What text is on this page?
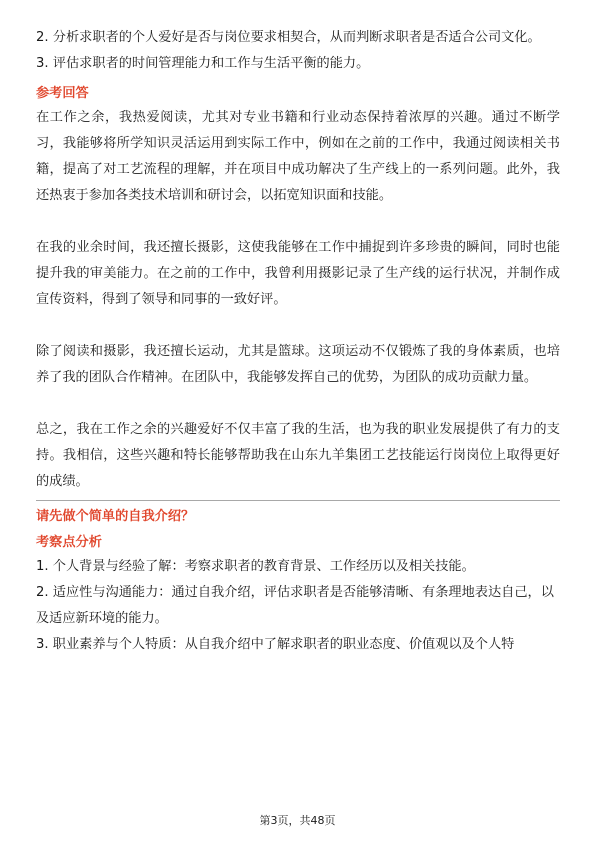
2. 分析求职者的个人爱好是否与岗位要求相契合，从而判断求职者是否适合公司文化。

3. 评估求职者的时间管理能力和工作与生活平衡的能力。

参考回答

在工作之余，我热爱阅读，尤其对专业书籍和行业动态保持着浓厚的兴趣。通过不断学习，我能够将所学知识灵活运用到实际工作中，例如在之前的工作中，我通过阅读相关书籍，提高了对工艺流程的理解，并在项目中成功解决了生产线上的一系列问题。此外，我还热衷于参加各类技术培训和研讨会，以拓宽知识面和技能。

在我的业余时间，我还擅长摄影，这使我能够在工作中捕捉到许多珍贵的瞬间，同时也能提升我的审美能力。在之前的工作中，我曾利用摄影记录了生产线的运行状况，并制作成宣传资料，得到了领导和同事的一致好评。

除了阅读和摄影，我还擅长运动，尤其是篮球。这项运动不仅锻炼了我的身体素质，也培养了我的团队合作精神。在团队中，我能够发挥自己的优势，为团队的成功贡献力量。

总之，我在工作之余的兴趣爱好不仅丰富了我的生活，也为我的职业发展提供了有力的支持。我相信，这些兴趣和特长能够帮助我在山东九羊集团工艺技能运行岗岗位上取得更好的成绩。

请先做个简单的自我介绍？

考察点分析

1. 个人背景与经验了解：考察求职者的教育背景、工作经历以及相关技能。

2. 适应性与沟通能力：通过自我介绍，评估求职者是否能够清晰、有条理地表达自己，以及适应新环境的能力。

3. 职业素养与个人特质：从自我介绍中了解求职者的职业态度、价值观以及个人特

第3页，共48页
